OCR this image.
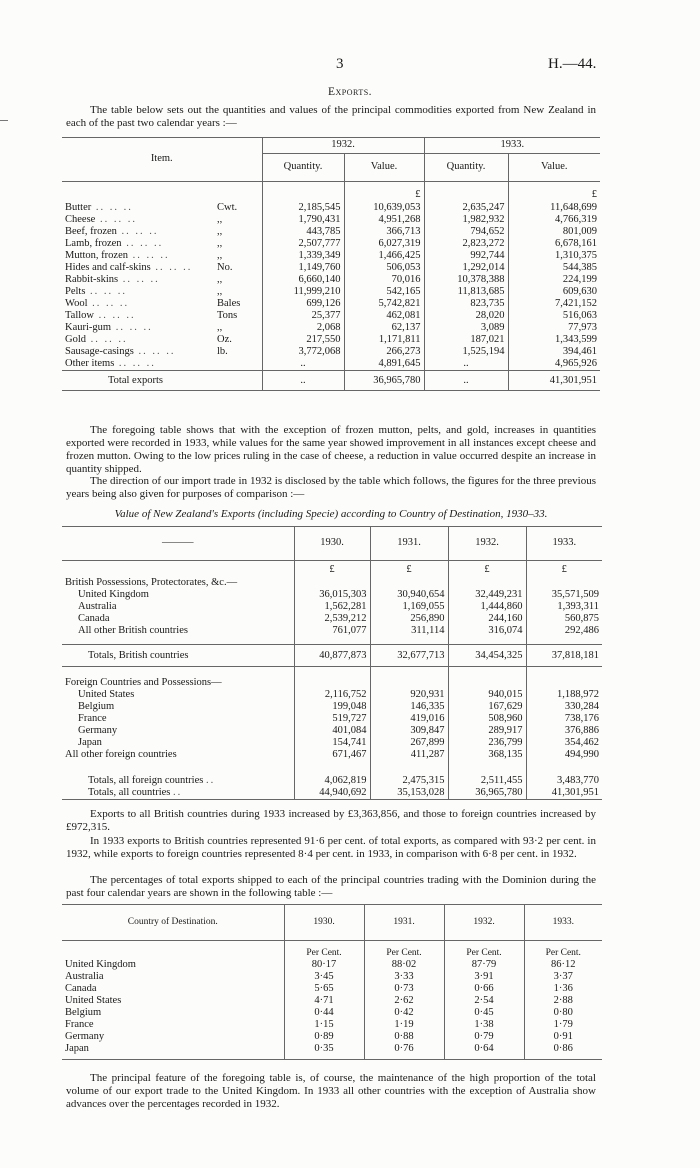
3	H.—44.
Exports.
The table below sets out the quantities and values of the principal commodities exported from New Zealand in each of the past two calendar years :—
Item.		1932.		1933.	
		Quantity.	Value.	Quantity.	Value.
			£		£
Butter .. .. ..	Cwt.	2,185,545	10,639,053	2,635,247	11,648,699
Cheese .. .. ..	,,	1,790,431	4,951,268	1,982,932	4,766,319
Beef, frozen .. .. ..	,,	443,785	366,713	794,652	801,009
Lamb, frozen .. .. ..	,,	2,507,777	6,027,319	2,823,272	6,678,161
Mutton, frozen .. .. ..	,,	1,339,349	1,466,425	992,744	1,310,375
Hides and calf-skins .. .. ..	No.	1,149,760	506,053	1,292,014	544,385
Rabbit-skins .. .. ..	,,	6,660,140	70,016	10,378,388	224,199
Pelts .. .. ..	,,	11,999,210	542,165	11,813,685	609,630
Wool .. .. ..	Bales	699,126	5,742,821	823,735	7,421,152
Tallow .. .. ..	Tons	25,377	462,081	28,020	516,063
Kauri-gum .. .. ..	,,	2,068	62,137	3,089	77,973
Gold .. .. ..	Oz.	217,550	1,171,811	187,021	1,343,599
Sausage-casings .. .. ..	lb.	3,772,068	266,273	1,525,194	394,461
Other items .. .. ..		..	4,891,645	..	4,965,926
Total exports		..	36,965,780	..	41,301,951
The foregoing table shows that with the exception of frozen mutton, pelts, and gold, increases in quantities exported were recorded in 1933, while values for the same year showed improvement in all instances except cheese and frozen mutton. Owing to the low prices ruling in the case of cheese, a reduction in value occurred despite an increase in quantity shipped.
The direction of our import trade in 1932 is disclosed by the table which follows, the figures for the three previous years being also given for purposes of comparison :—
Value of New Zealand's Exports (including Specie) according to Country of Destination, 1930–33.
———	1930.	1931.	1932.	1933.
	£	£	£	£
British Possessions, Protectorates, &c.—				
United Kingdom	36,015,303	30,940,654	32,449,231	35,571,509
Australia	1,562,281	1,169,055	1,444,860	1,393,311
Canada	2,539,212	256,890	244,160	560,875
All other British countries	761,077	311,114	316,074	292,486

Totals, British countries	40,877,873	32,677,713	34,454,325	37,818,181

Foreign Countries and Possessions—				
United States	2,116,752	920,931	940,015	1,188,972
Belgium	199,048	146,335	167,629	330,284
France	519,727	419,016	508,960	738,176
Germany	401,084	309,847	289,917	376,886
Japan	154,741	267,899	236,799	354,462
All other foreign countries	671,467	411,287	368,135	494,990

Totals, all foreign countries ..	4,062,819	2,475,315	2,511,455	3,483,770
Totals, all countries ..	44,940,692	35,153,028	36,965,780	41,301,951
Exports to all British countries during 1933 increased by £3,363,856, and those to foreign countries increased by £972,315.
In 1933 exports to British countries represented 91·6 per cent. of total exports, as compared with 93·2 per cent. in 1932, while exports to foreign countries represented 8·4 per cent. in 1933, in comparison with 6·8 per cent. in 1932.
The percentages of total exports shipped to each of the principal countries trading with the Dominion during the past four calendar years are shown in the following table :—
Country of Destination.	1930.	1931.	1932.	1933.
	Per Cent.	Per Cent.	Per Cent.	Per Cent.
United Kingdom	80·17	88·02	87·79	86·12
Australia	3·45	3·33	3·91	3·37
Canada	5·65	0·73	0·66	1·36
United States	4·71	2·62	2·54	2·88
Belgium	0·44	0·42	0·45	0·80
France	1·15	1·19	1·38	1·79
Germany	0·89	0·88	0·79	0·91
Japan	0·35	0·76	0·64	0·86

The principal feature of the foregoing table is, of course, the maintenance of the high proportion of the total volume of our export trade to the United Kingdom. In 1933 all other countries with the exception of Australia show advances over the percentages recorded in 1932.
